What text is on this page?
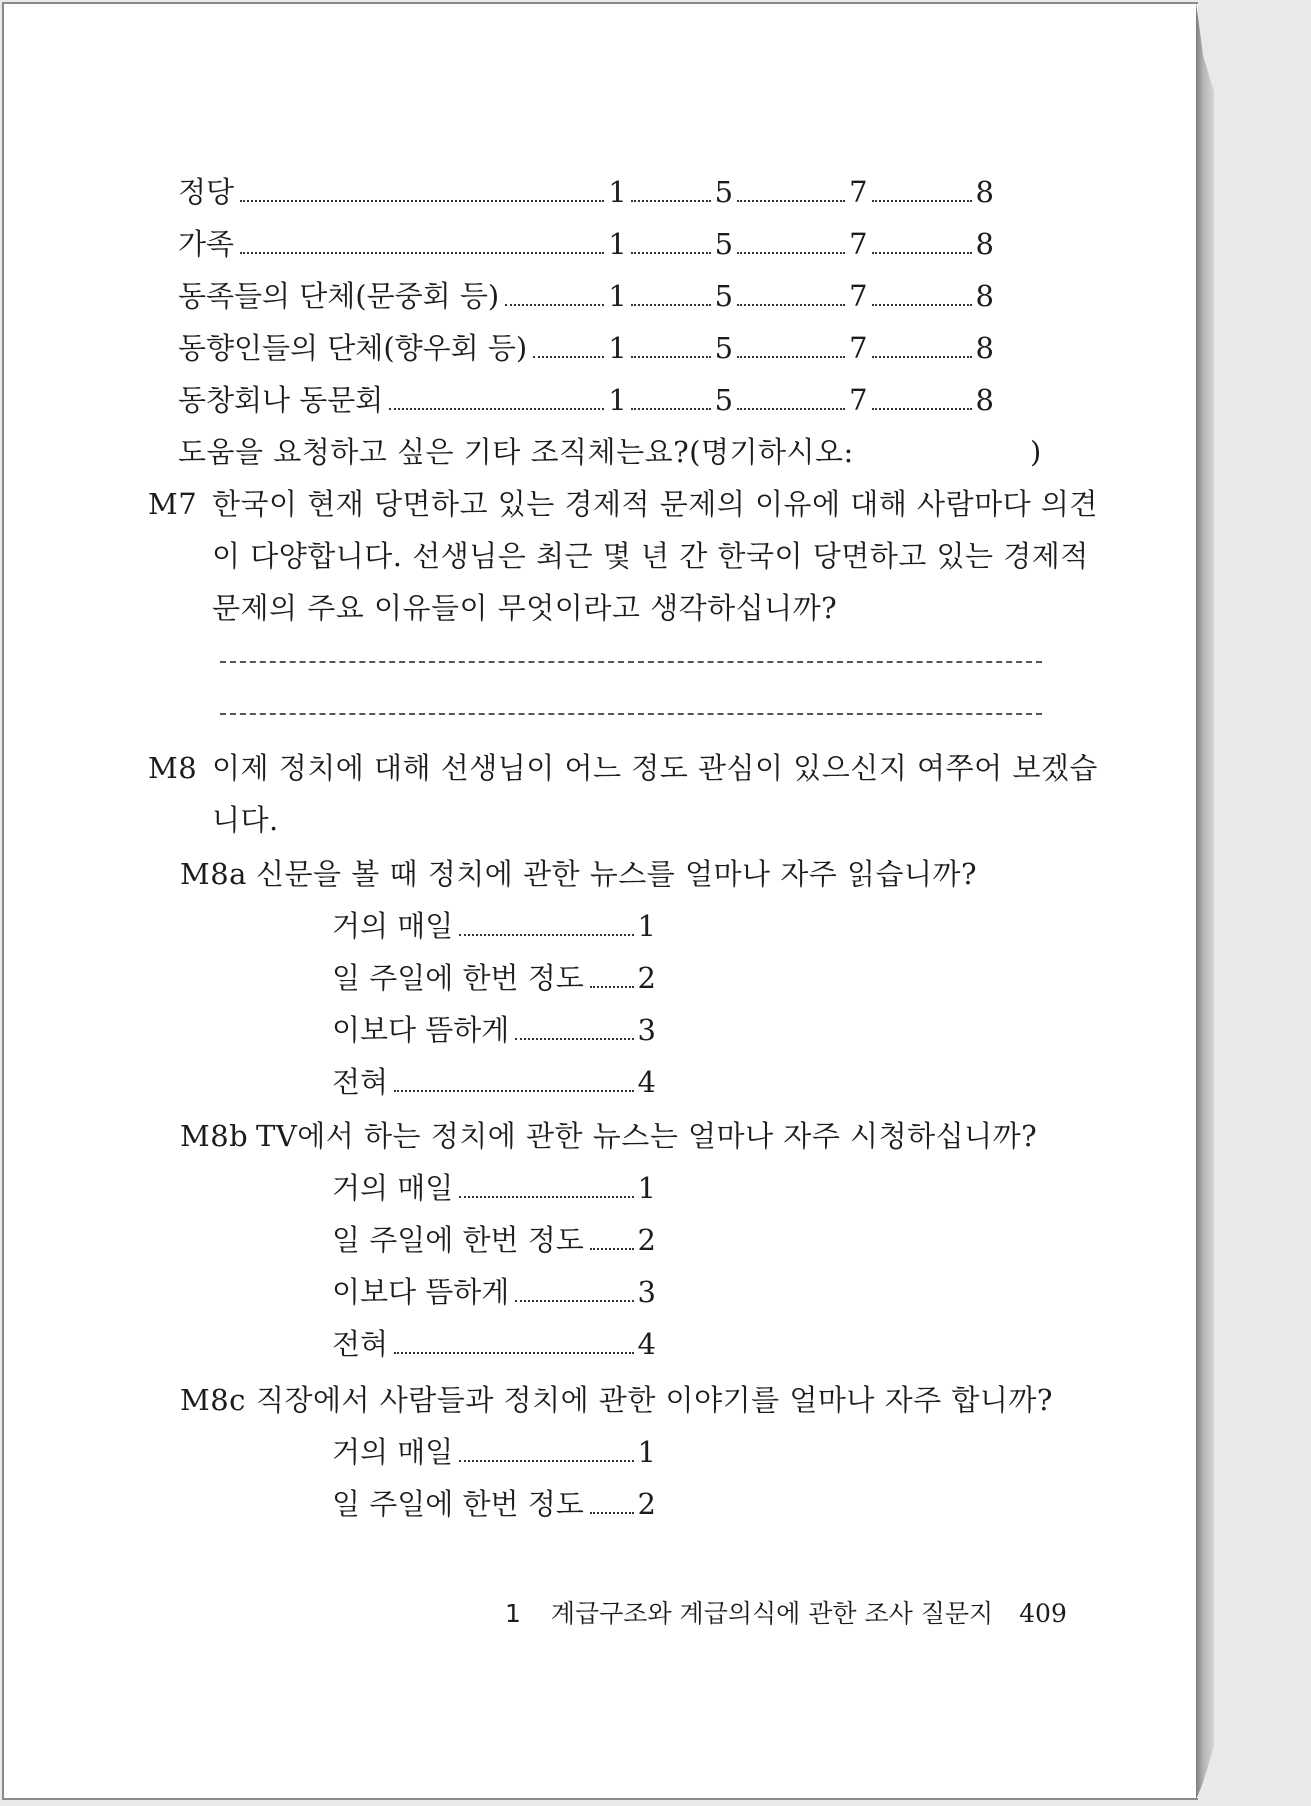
정당	1	5	7	8
가족	1	5	7	8
동족들의 단체(문중회 등)	1	5	7	8
동향인들의 단체(향우회 등)	1	5	7	8
동창회나 동문회	1	5	7	8
도움을 요청하고 싶은 기타 조직체는요?(명기하시오:	)
M7 한국이 현재 당면하고 있는 경제적 문제의 이유에 대해 사람마다 의견
이 다양합니다. 선생님은 최근 몇 년 간 한국이 당면하고 있는 경제적
문제의 주요 이유들이 무엇이라고 생각하십니까?
M8 이제 정치에 대해 선생님이 어느 정도 관심이 있으신지 여쭈어 보겠습
니다.
M8a 신문을 볼 때 정치에 관한 뉴스를 얼마나 자주 읽습니까?
거의 매일	1
일 주일에 한번 정도 2
이보다 뜸하게	3
전혀	4
M8b TV에서 하는 정치에 관한 뉴스는 얼마나 자주 시청하십니까?
거의 매일	1
일 주일에 한번 정도 2
이보다 뜸하게	3
전혀	4
M8c 직장에서 사람들과 정치에 관한 이야기를 얼마나 자주 합니까?
거의 매일	1
일 주일에 한번 정도 2
1 계급구조와 계급의식에 관한 조사 질문지 409
